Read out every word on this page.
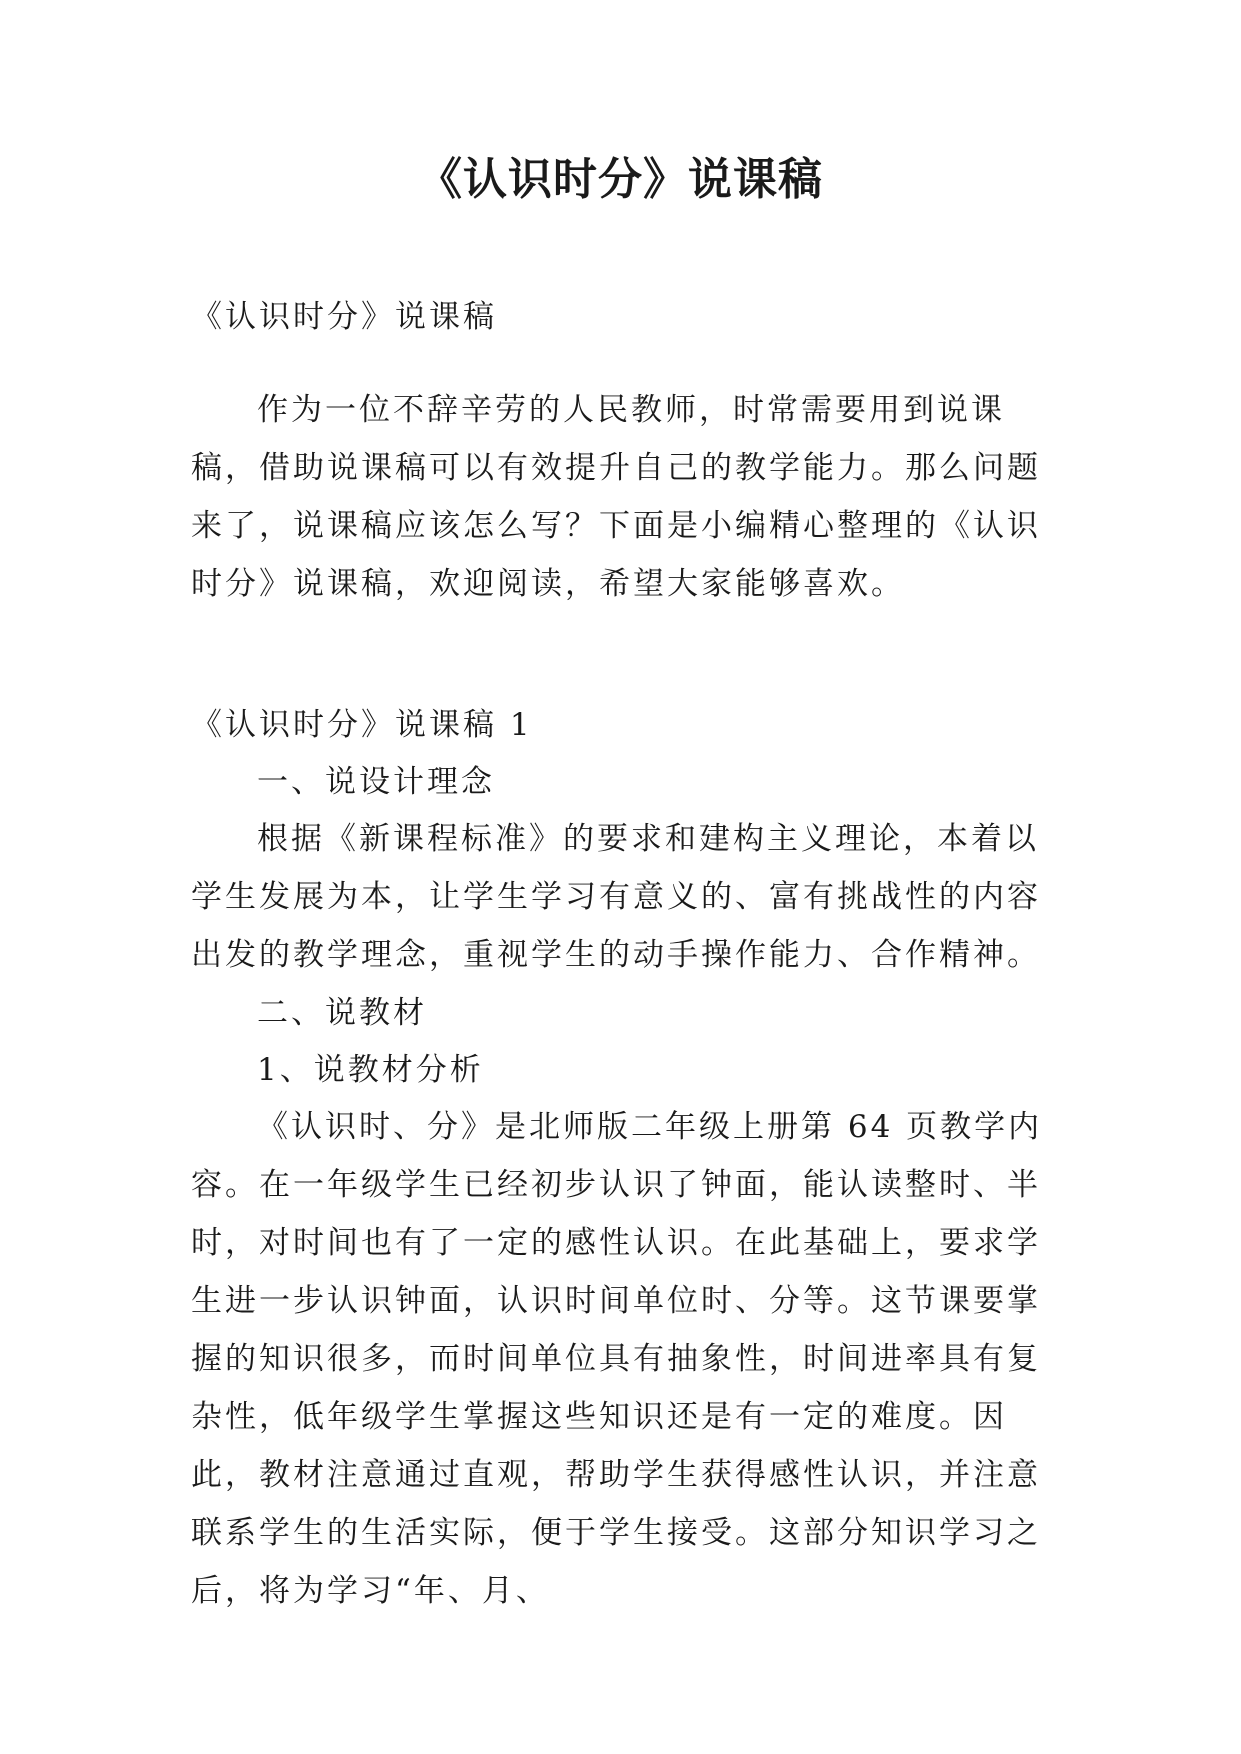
《认识时分》说课稿

《认识时分》说课稿

作为一位不辞辛劳的人民教师，时常需要用到说课稿，借助说课稿可以有效提升自己的教学能力。那么问题来了，说课稿应该怎么写？下面是小编精心整理的《认识时分》说课稿，欢迎阅读，希望大家能够喜欢。

《认识时分》说课稿 1

一、说设计理念

根据《新课程标准》的要求和建构主义理论，本着以学生发展为本，让学生学习有意义的、富有挑战性的内容出发的教学理念，重视学生的动手操作能力、合作精神。

二、说教材

1、说教材分析

《认识时、分》是北师版二年级上册第 64 页教学内容。在一年级学生已经初步认识了钟面，能认读整时、半时，对时间也有了一定的感性认识。在此基础上，要求学生进一步认识钟面，认识时间单位时、分等。这节课要掌握的知识很多，而时间单位具有抽象性，时间进率具有复杂性，低年级学生掌握这些知识还是有一定的难度。因此，教材注意通过直观，帮助学生获得感性认识，并注意联系学生的生活实际，便于学生接受。这部分知识学习之后，将为学习“年、月、
